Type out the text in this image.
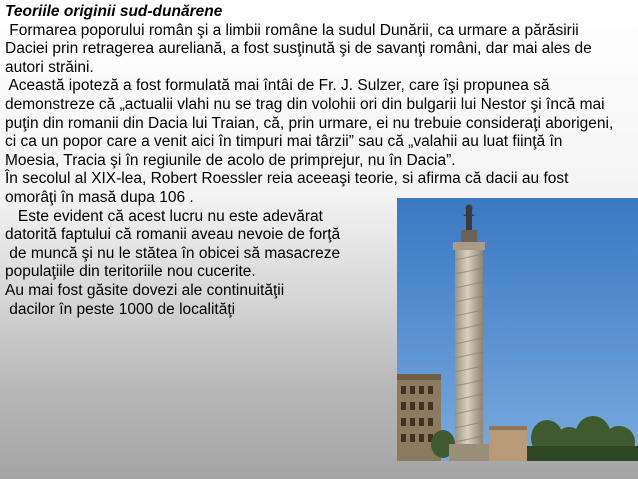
Teoriile originii sud-dunărene
Formarea poporului român şi a limbii române la sudul Dunării, ca urmare a părăsirii
Daciei prin retragerea aureliană, a fost susţinută şi de savanţi români, dar mai ales de
autori străini.
Această ipoteză a fost formulată mai întâi de Fr. J. Sulzer, care îşi propunea să
demonstreze că „actualii vlahi nu se trag din volohii ori din bulgarii lui Nestor şi încă mai
puţin din romanii din Dacia lui Traian, că, prin urmare, ei nu trebuie consideraţi aborigeni,
ci ca un popor care a venit aici în timpuri mai târzii” sau că „valahii au luat fiinţă în
Moesia, Tracia şi în regiunile de acolo de primprejur, nu în Dacia”.
În secolul al XIX-lea, Robert Roessler reia aceeaşi teorie, si afirma că dacii au fost
omorâţi în masă dupa 106 .
Este evident că acest lucru nu este adevărat
datorită faptului că romanii aveau nevoie de forţă
de muncă şi nu le stătea în obicei să masacreze
populaţiile din teritoriile nou cucerite.
Au mai fost găsite dovezi ale continuităţii
dacilor în peste 1000 de localităţi
